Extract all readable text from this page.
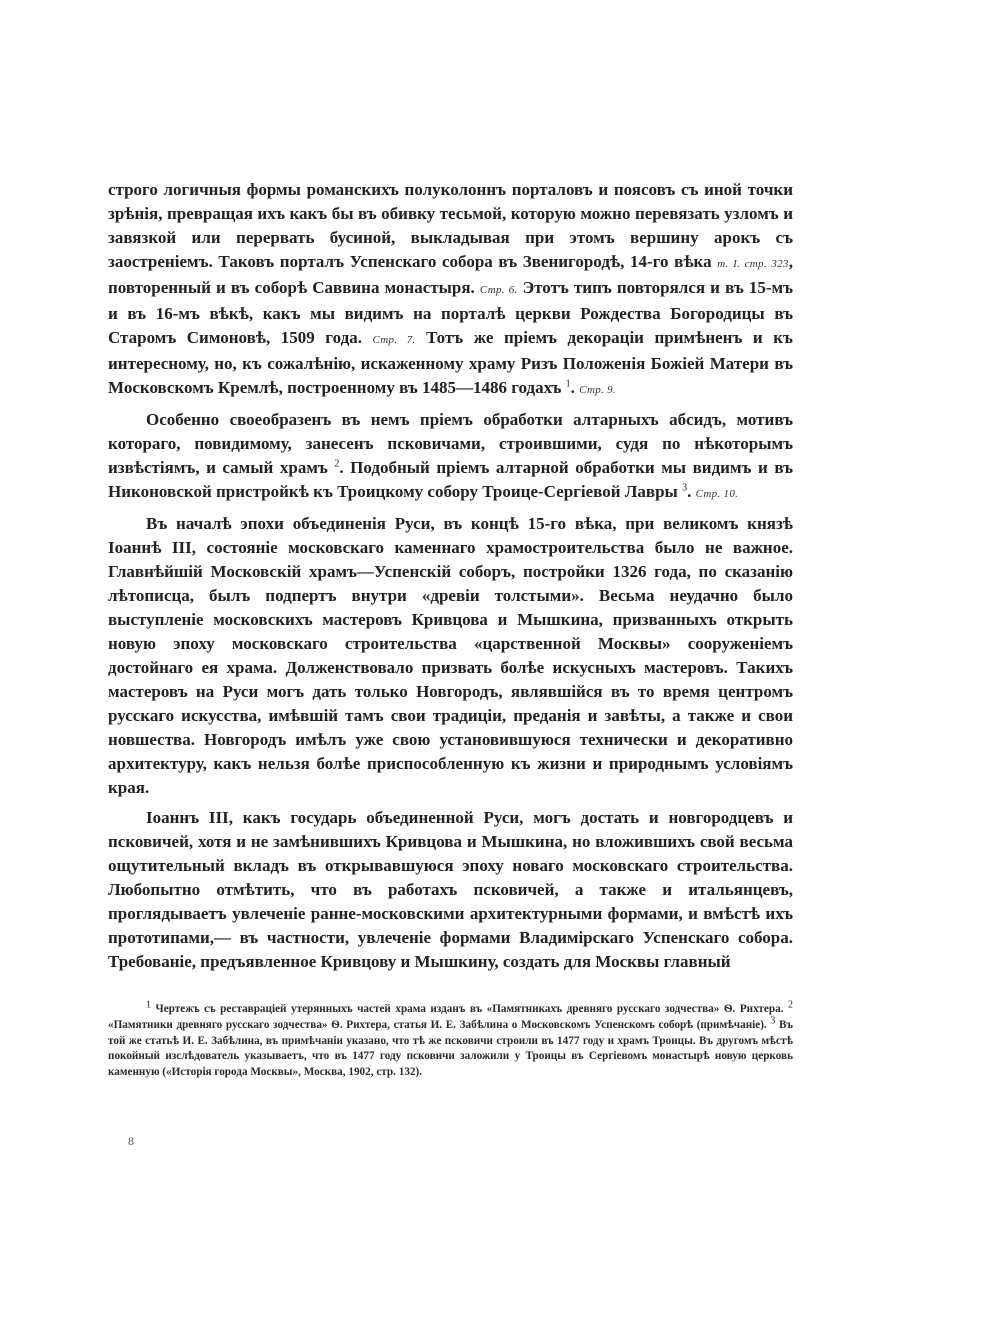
строго логичныя формы романскихъ полуколоннъ порталовъ и поясовъ съ иной точки зрѣнія, превращая ихъ какъ бы въ обивку тесьмой, которую можно перевязать узломъ и завязкой или перервать бусиной, выкладывая при этомъ вершину арокъ съ заостреніемъ. Таковъ порталъ Успенскаго собора въ Звенигородѣ, 14-го вѣка т. I. стр. 323, повторенный и въ соборѣ Саввина монастыря. Стр. 6. Этотъ типъ повторялся и въ 15-мъ и въ 16-мъ вѣкѣ, какъ мы видимъ на порталѣ церкви Рождества Богородицы въ Старомъ Симоновѣ, 1509 года. Стр. 7. Тотъ же пріемъ декораціи примѣненъ и къ интересному, но, къ сожалѣнію, искаженному храму Ризъ Положенія Божіей Матери въ Московскомъ Кремлѣ, построенному въ 1485—1486 годахъ $^1$. Стр. 9.

Особенно своеобразенъ въ немъ пріемъ обработки алтарныхъ абсидъ, мотивъ котораго, повидимому, занесенъ псковичами, строившими, судя по нѣкоторымъ извѣстіямъ, и самый храмъ $^2$. Подобный пріемъ алтарной обработки мы видимъ и въ Никоновской пристройкѣ къ Троицкому собору Троице-Сергіевой Лавры $^3$. Стр. 10.

Въ началѣ эпохи объединенія Руси, въ концѣ 15-го вѣка, при великомъ князѣ Іоаннѣ III, состояніе московскаго каменнаго храмостроительства было не важное. Главнѣйшій Московскій храмъ—Успенскій соборъ, постройки 1326 года, по сказанію лѣтописца, былъ подпертъ внутри «древіи толстыми». Весьма неудачно было выступленіе московскихъ мастеровъ Кривцова и Мышкина, призванныхъ открыть новую эпоху московскаго строительства «царственной Москвы» сооруженіемъ достойнаго ея храма. Долженствовало призвать болѣе искусныхъ мастеровъ. Такихъ мастеровъ на Руси могъ дать только Новгородъ, являвшійся въ то время центромъ русскаго искусства, имѣвшій тамъ свои традиціи, преданія и завѣты, а также и свои новшества. Новгородъ имѣлъ уже свою установившуюся технически и декоративно архитектуру, какъ нельзя болѣе приспособленную къ жизни и природнымъ условіямъ края.

Іоаннъ III, какъ государь объединенной Руси, могъ достать и новгородцевъ и псковичей, хотя и не замѣнившихъ Кривцова и Мышкина, но вложившихъ свой весьма ощутительный вкладъ въ открывавшуюся эпоху новаго московскаго строительства. Любопытно отмѣтить, что въ работахъ псковичей, а также и итальянцевъ, проглядываетъ увлеченіе ранне-московскими архитектурными формами, и вмѣстѣ ихъ прототипами,— въ частности, увлеченіе формами Владимірскаго Успенскаго собора. Требованіе, предъявленное Кривцову и Мышкину, создать для Москвы главный

$^1$ Чертежъ съ реставраціей утерянныхъ частей храма изданъ въ «Памятникахъ древняго русскаго зодчества» Ѳ. Рихтера. $^2$ «Памятники древняго русскаго зодчества» Ѳ. Рихтера, статья И. Е. Забѣлина о Московскомъ Успенскомъ соборѣ (примѣчаніе). $^3$ Въ той же статьѣ И. Е. Забѣлина, въ примѣчаніи указано, что тѣ же псковичи строили въ 1477 году и храмъ Троицы. Въ другомъ мѣстѣ покойный изслѣдователь указываетъ, что въ 1477 году псковичи заложили у Троицы въ Сергіевомъ монастырѣ новую церковь каменную («Исторія города Москвы», Москва, 1902, стр. 132).

8
